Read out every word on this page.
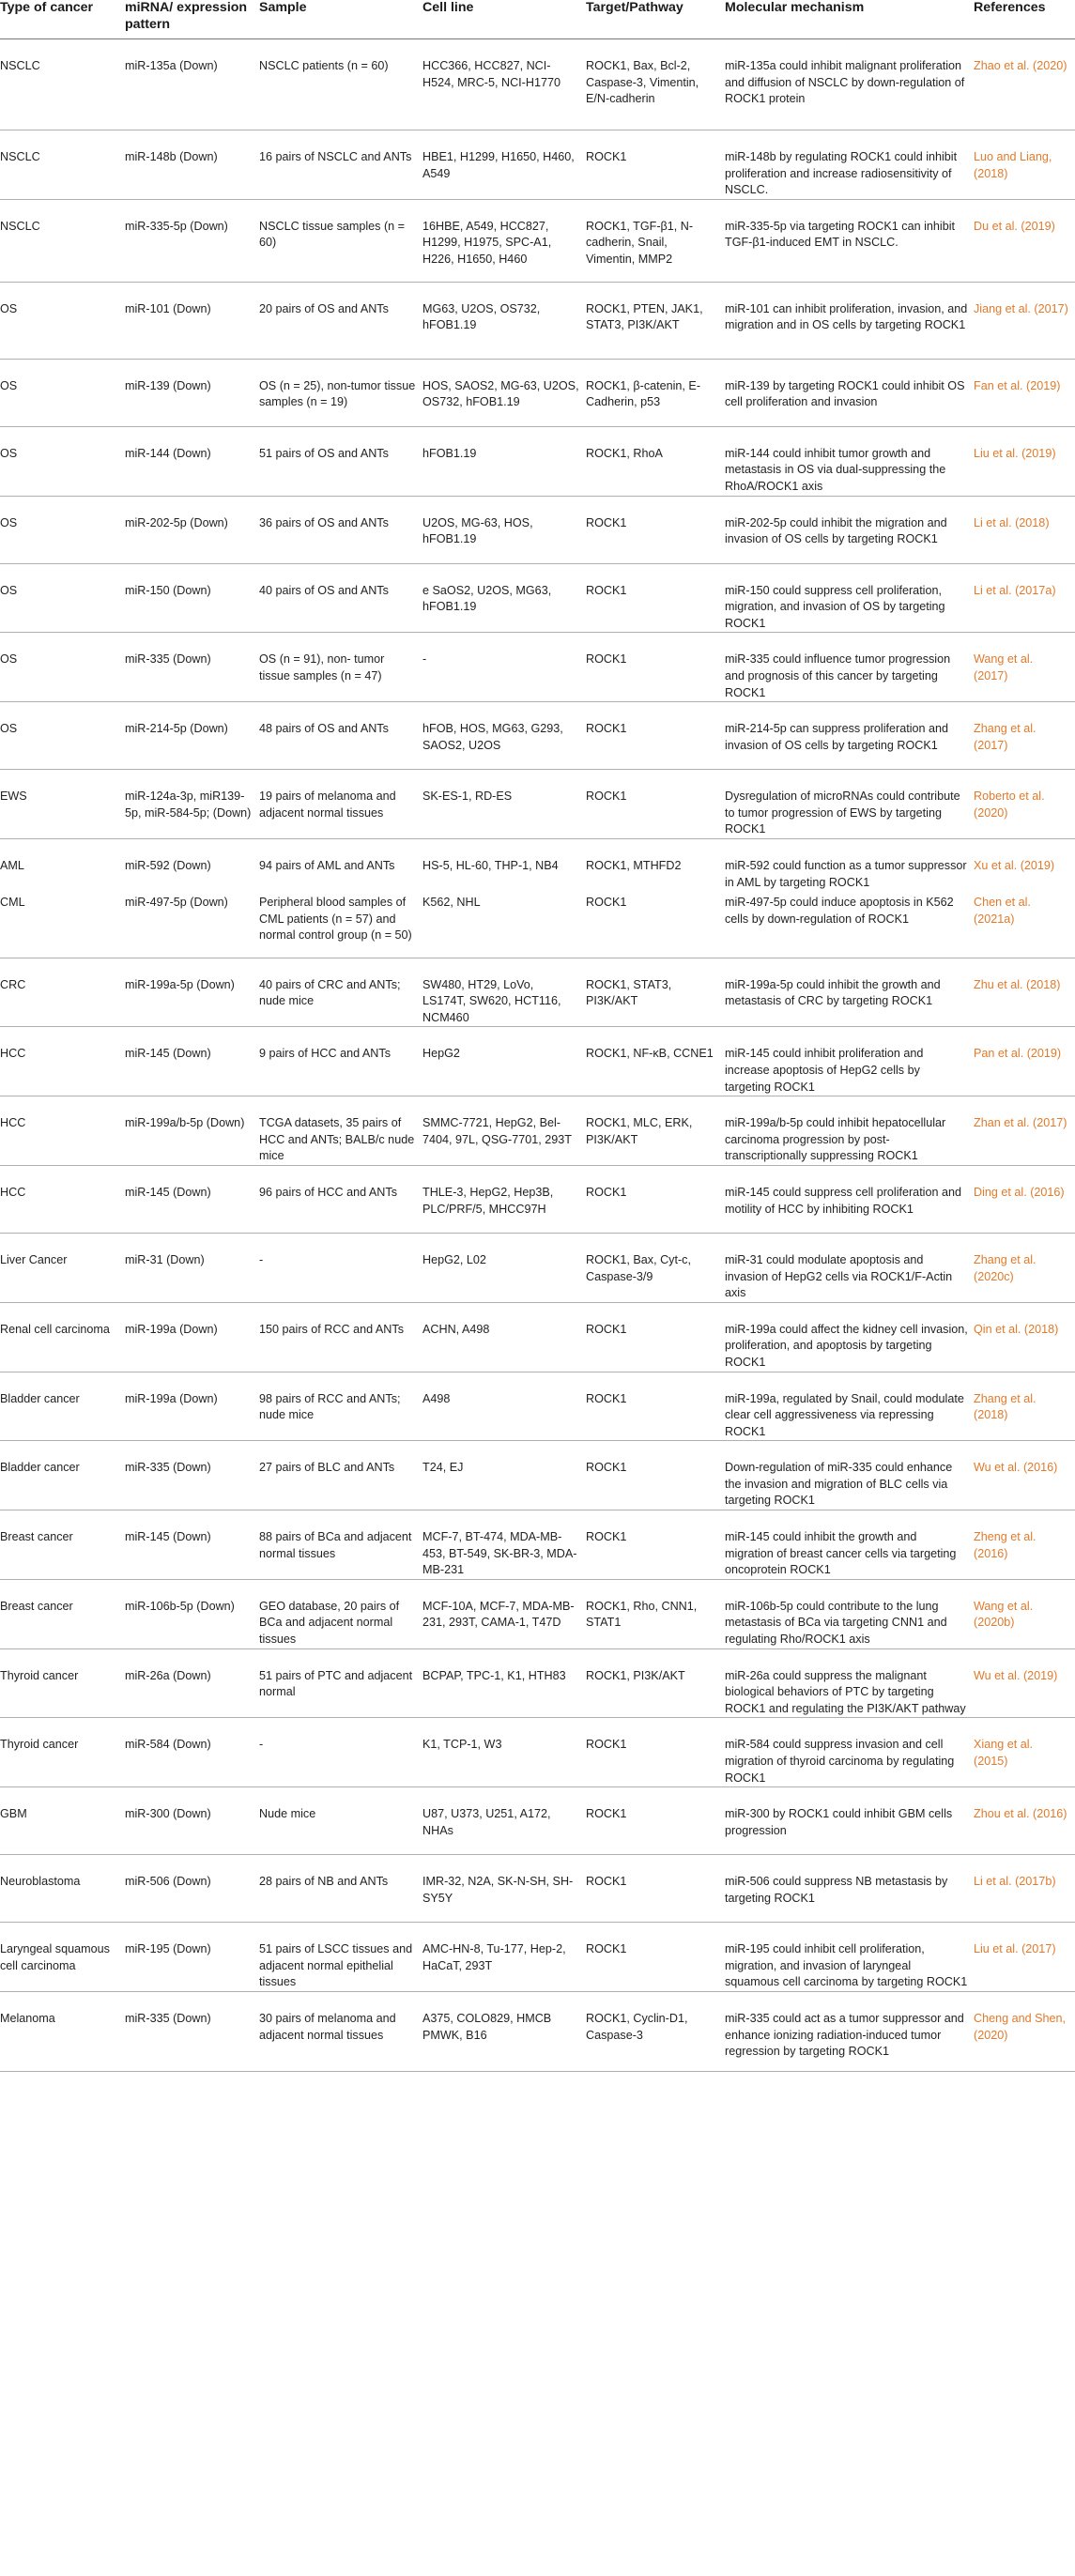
Type of cancer	miRNA/ expression pattern	Sample	Cell line	Target/Pathway	Molecular mechanism	References
NSCLC	miR-135a (Down)	NSCLC patients (n = 60)	HCC366, HCC827, NCI-H524, MRC-5, NCI-H1770	ROCK1, Bax, Bcl-2, Caspase-3, Vimentin, E/N-cadherin	miR-135a could inhibit malignant proliferation and diffusion of NSCLC by down-regulation of ROCK1 protein	Zhao et al. (2020)
NSCLC	miR-148b (Down)	16 pairs of NSCLC and ANTs	HBE1, H1299, H1650, H460, A549	ROCK1	miR-148b by regulating ROCK1 could inhibit proliferation and increase radiosensitivity of NSCLC.	Luo and Liang, (2018)
NSCLC	miR-335-5p (Down)	NSCLC tissue samples (n = 60)	16HBE, A549, HCC827, H1299, H1975, SPC-A1, H226, H1650, H460	ROCK1, TGF-β1, N-cadherin, Snail, Vimentin, MMP2	miR-335-5p via targeting ROCK1 can inhibit TGF-β1-induced EMT in NSCLC.	Du et al. (2019)
OS	miR-101 (Down)	20 pairs of OS and ANTs	MG63, U2OS, OS732, hFOB1.19	ROCK1, PTEN, JAK1, STAT3, PI3K/AKT	miR-101 can inhibit proliferation, invasion, and migration and in OS cells by targeting ROCK1	Jiang et al. (2017)
OS	miR-139 (Down)	OS (n = 25), non-tumor tissue samples (n = 19)	HOS, SAOS2, MG-63, U2OS, OS732, hFOB1.19	ROCK1, β-catenin, E-Cadherin, p53	miR-139 by targeting ROCK1 could inhibit OS cell proliferation and invasion	Fan et al. (2019)
OS	miR-144 (Down)	51 pairs of OS and ANTs	hFOB1.19	ROCK1, RhoA	miR-144 could inhibit tumor growth and metastasis in OS via dual-suppressing the RhoA/ROCK1 axis	Liu et al. (2019)
OS	miR-202-5p (Down)	36 pairs of OS and ANTs	U2OS, MG-63, HOS, hFOB1.19	ROCK1	miR-202-5p could inhibit the migration and invasion of OS cells by targeting ROCK1	Li et al. (2018)
OS	miR-150 (Down)	40 pairs of OS and ANTs	e SaOS2, U2OS, MG63, hFOB1.19	ROCK1	miR-150 could suppress cell proliferation, migration, and invasion of OS by targeting ROCK1	Li et al. (2017a)
OS	miR-335 (Down)	OS (n = 91), non- tumor tissue samples (n = 47)	-	ROCK1	miR-335 could influence tumor progression and prognosis of this cancer by targeting ROCK1	Wang et al. (2017)
OS	miR-214-5p (Down)	48 pairs of OS and ANTs	hFOB, HOS, MG63, G293, SAOS2, U2OS	ROCK1	miR-214-5p can suppress proliferation and invasion of OS cells by targeting ROCK1	Zhang et al. (2017)
EWS	miR-124a-3p, miR139-5p, miR-584-5p; (Down)	19 pairs of melanoma and adjacent normal tissues	SK-ES-1, RD-ES	ROCK1	Dysregulation of microRNAs could contribute to tumor progression of EWS by targeting ROCK1	Roberto et al. (2020)
AML	miR-592 (Down)	94 pairs of AML and ANTs	HS-5, HL-60, THP-1, NB4	ROCK1, MTHFD2	miR-592 could function as a tumor suppressor in AML by targeting ROCK1	Xu et al. (2019)
CML	miR-497-5p (Down)	Peripheral blood samples of CML patients (n = 57) and normal control group (n = 50)	K562, NHL	ROCK1	miR-497-5p could induce apoptosis in K562 cells by down-regulation of ROCK1	Chen et al. (2021a)
CRC	miR-199a-5p (Down)	40 pairs of CRC and ANTs; nude mice	SW480, HT29, LoVo, LS174T, SW620, HCT116, NCM460	ROCK1, STAT3, PI3K/AKT	miR-199a-5p could inhibit the growth and metastasis of CRC by targeting ROCK1	Zhu et al. (2018)
HCC	miR-145 (Down)	9 pairs of HCC and ANTs	HepG2	ROCK1, NF-κB, CCNE1	miR-145 could inhibit proliferation and increase apoptosis of HepG2 cells by targeting ROCK1	Pan et al. (2019)
HCC	miR-199a/b-5p (Down)	TCGA datasets, 35 pairs of HCC and ANTs; BALB/c nude mice	SMMC-7721, HepG2, Bel-7404, 97L, QSG-7701, 293T	ROCK1, MLC, ERK, PI3K/AKT	miR-199a/b-5p could inhibit hepatocellular carcinoma progression by post-transcriptionally suppressing ROCK1	Zhan et al. (2017)
HCC	miR-145 (Down)	96 pairs of HCC and ANTs	THLE-3, HepG2, Hep3B, PLC/PRF/5, MHCC97H	ROCK1	miR-145 could suppress cell proliferation and motility of HCC by inhibiting ROCK1	Ding et al. (2016)
Liver Cancer	miR-31 (Down)	-	HepG2, L02	ROCK1, Bax, Cyt-c, Caspase-3/9	miR-31 could modulate apoptosis and invasion of HepG2 cells via ROCK1/F-Actin axis	Zhang et al. (2020c)
Renal cell carcinoma	miR-199a (Down)	150 pairs of RCC and ANTs	ACHN, A498	ROCK1	miR-199a could affect the kidney cell invasion, proliferation, and apoptosis by targeting ROCK1	Qin et al. (2018)
Bladder cancer	miR-199a (Down)	98 pairs of RCC and ANTs; nude mice	A498	ROCK1	miR-199a, regulated by Snail, could modulate clear cell aggressiveness via repressing ROCK1	Zhang et al. (2018)
Bladder cancer	miR-335 (Down)	27 pairs of BLC and ANTs	T24, EJ	ROCK1	Down-regulation of miR-335 could enhance the invasion and migration of BLC cells via targeting ROCK1	Wu et al. (2016)
Breast cancer	miR-145 (Down)	88 pairs of BCa and adjacent normal tissues	MCF-7, BT-474, MDA-MB-453, BT-549, SK-BR-3, MDA-MB-231	ROCK1	miR-145 could inhibit the growth and migration of breast cancer cells via targeting oncoprotein ROCK1	Zheng et al. (2016)
Breast cancer	miR-106b-5p (Down)	GEO database, 20 pairs of BCa and adjacent normal tissues	MCF-10A, MCF-7, MDA-MB-231, 293T, CAMA-1, T47D	ROCK1, Rho, CNN1, STAT1	miR-106b-5p could contribute to the lung metastasis of BCa via targeting CNN1 and regulating Rho/ROCK1 axis	Wang et al. (2020b)
Thyroid cancer	miR-26a (Down)	51 pairs of PTC and adjacent normal	BCPAP, TPC-1, K1, HTH83	ROCK1, PI3K/AKT	miR-26a could suppress the malignant biological behaviors of PTC by targeting ROCK1 and regulating the PI3K/AKT pathway	Wu et al. (2019)
Thyroid cancer	miR-584 (Down)	-	K1, TCP-1, W3	ROCK1	miR-584 could suppress invasion and cell migration of thyroid carcinoma by regulating ROCK1	Xiang et al. (2015)
GBM	miR-300 (Down)	Nude mice	U87, U373, U251, A172, NHAs	ROCK1	miR-300 by ROCK1 could inhibit GBM cells progression	Zhou et al. (2016)
Neuroblastoma	miR-506 (Down)	28 pairs of NB and ANTs	IMR-32, N2A, SK-N-SH, SH-SY5Y	ROCK1	miR-506 could suppress NB metastasis by targeting ROCK1	Li et al. (2017b)
Laryngeal squamous cell carcinoma	miR-195 (Down)	51 pairs of LSCC tissues and adjacent normal epithelial tissues	AMC-HN-8, Tu-177, Hep-2, HaCaT, 293T	ROCK1	miR-195 could inhibit cell proliferation, migration, and invasion of laryngeal squamous cell carcinoma by targeting ROCK1	Liu et al. (2017)
Melanoma	miR-335 (Down)	30 pairs of melanoma and adjacent normal tissues	A375, COLO829, HMCB PMWK, B16	ROCK1, Cyclin-D1, Caspase-3	miR-335 could act as a tumor suppressor and enhance ionizing radiation-induced tumor regression by targeting ROCK1	Cheng and Shen, (2020)
